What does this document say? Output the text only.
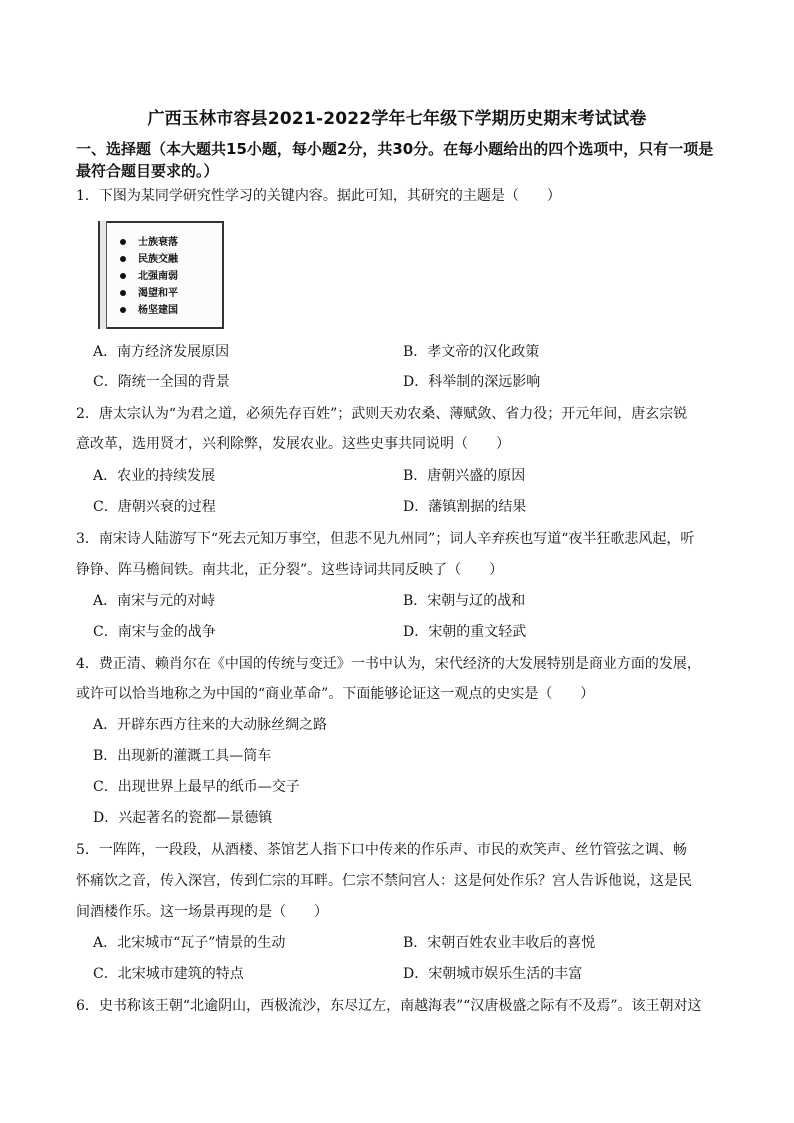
广西玉林市容县2021-2022学年七年级下学期历史期末考试试卷
一、选择题（本大题共15小题，每小题2分，共30分。在每小题给出的四个选项中，只有一项是最符合题目要求的。）
1．下图为某同学研究性学习的关键内容。据此可知，其研究的主题是（　　）
士族衰落
民族交融
北强南弱
渴望和平
杨坚建国
A．南方经济发展原因	B．孝文帝的汉化政策
C．隋统一全国的背景	D．科举制的深远影响
2．唐太宗认为“为君之道，必须先存百姓”；武则天劝农桑、薄赋敛、省力役；开元年间，唐玄宗锐
意改革，选用贤才，兴利除弊，发展农业。这些史事共同说明（　　）
A．农业的持续发展	B．唐朝兴盛的原因
C．唐朝兴衰的过程	D．藩镇割据的结果
3．南宋诗人陆游写下“死去元知万事空，但悲不见九州同”；词人辛弃疾也写道“夜半狂歌悲风起，听
铮铮、阵马檐间铁。南共北，正分裂”。这些诗词共同反映了（　　）
A．南宋与元的对峙	B．宋朝与辽的战和
C．南宋与金的战争	D．宋朝的重文轻武
4．费正清、赖肖尔在《中国的传统与变迁》一书中认为，宋代经济的大发展特别是商业方面的发展，
或许可以恰当地称之为中国的“商业革命”。下面能够论证这一观点的史实是（　　）
A．开辟东西方往来的大动脉丝绸之路
B．出现新的灌溉工具—筒车
C．出现世界上最早的纸币—交子
D．兴起著名的瓷都—景德镇
5．一阵阵，一段段，从酒楼、茶馆艺人指下口中传来的作乐声、市民的欢笑声、丝竹管弦之调、畅
怀痛饮之音，传入深宫，传到仁宗的耳畔。仁宗不禁问宫人：这是何处作乐？宫人告诉他说，这是民
间酒楼作乐。这一场景再现的是（　　）
A．北宋城市“瓦子”情景的生动	B．宋朝百姓农业丰收后的喜悦
C．北宋城市建筑的特点	D．宋朝城市娱乐生活的丰富
6．史书称该王朝“北逾阴山，西极流沙，东尽辽左，南越海表”“汉唐极盛之际有不及焉”。该王朝对这
